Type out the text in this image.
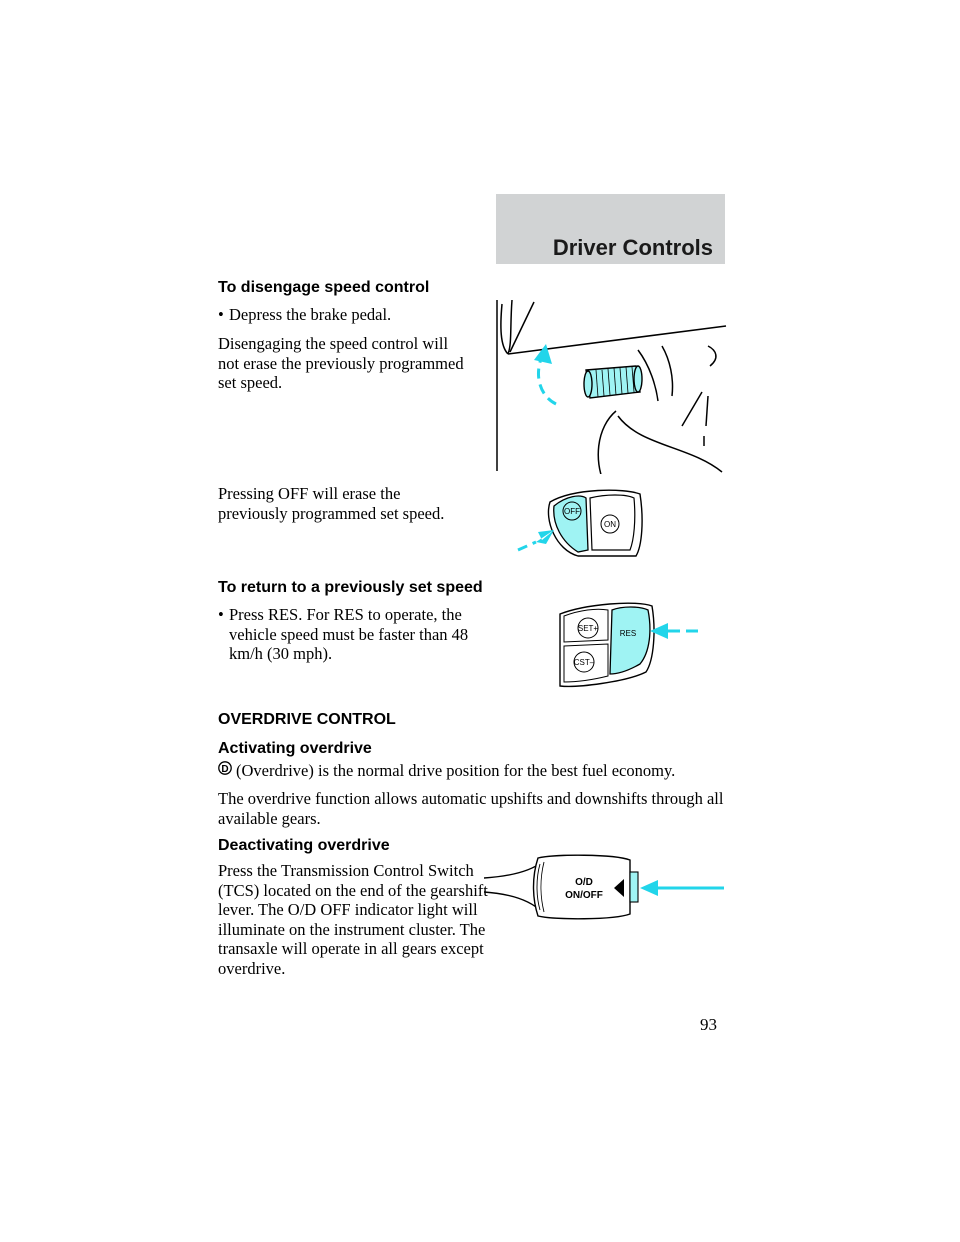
Driver Controls
To disengage speed control
• Depress the brake pedal.

Disengaging the speed control will not erase the previously programmed set speed.

Pressing OFF will erase the previously programmed set speed.	OFF
ON
To return to a previously set speed
• Press RES. For RES to operate, the vehicle speed must be faster than 48 km/h (30 mph).
SET+
CST–
RES
OVERDRIVE CONTROL
Activating overdrive
D (Overdrive) is the normal drive position for the best fuel economy.

The overdrive function allows automatic upshifts and downshifts through all available gears.

Deactivating overdrive

Press the Transmission Control Switch (TCS) located on the end of the gearshift lever. The O/D OFF indicator light will illuminate on the instrument cluster. The transaxle will operate in all gears except overdrive.

O/D
ON/OFF
93
